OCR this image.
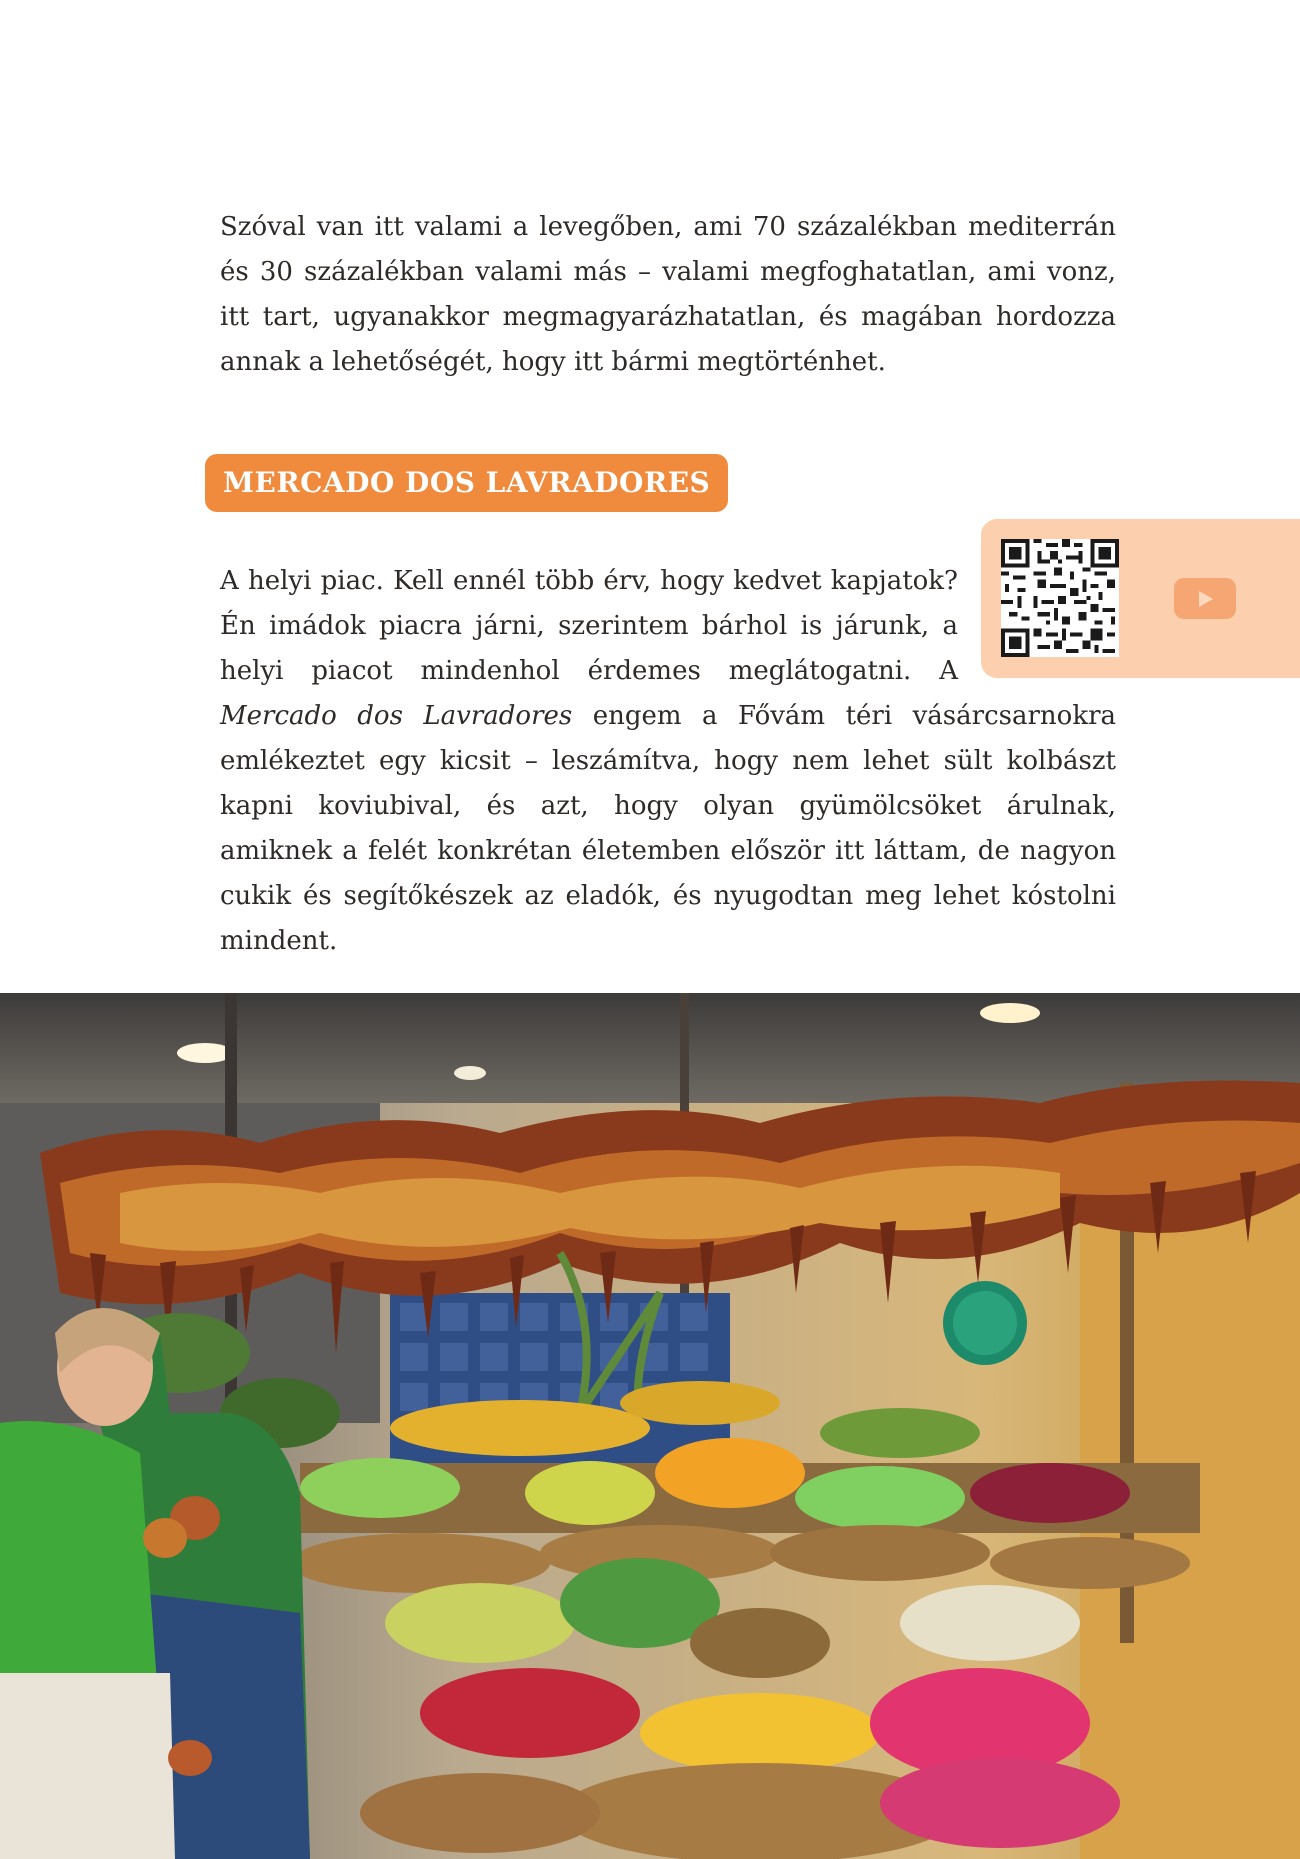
Szóval van itt valami a levegőben, ami 70 százalékban mediterrán és 30 százalékban valami más – valami megfoghatatlan, ami vonz, itt tart, ugyanakkor megmagyarázhatatlan, és magában hordozza annak a lehetőségét, hogy itt bármi megtörténhet.

MERCADO DOS LAVRADORES

A helyi piac. Kell ennél több érv, hogy kedvet kapjatok? Én imádok piacra járni, szerintem bárhol is járunk, a helyi piacot mindenhol érdemes meglátogatni. A Mercado dos Lavradores engem a Fővám téri vásárcsarnokra emlékeztet egy kicsit – leszámítva, hogy nem lehet sült kolbászt kapni koviubival, és azt, hogy olyan gyümölcsöket árulnak, amiknek a felét konkrétan életemben először itt láttam, de nagyon cukik és segítőkészek az eladók, és nyugodtan meg lehet kóstolni mindent.
